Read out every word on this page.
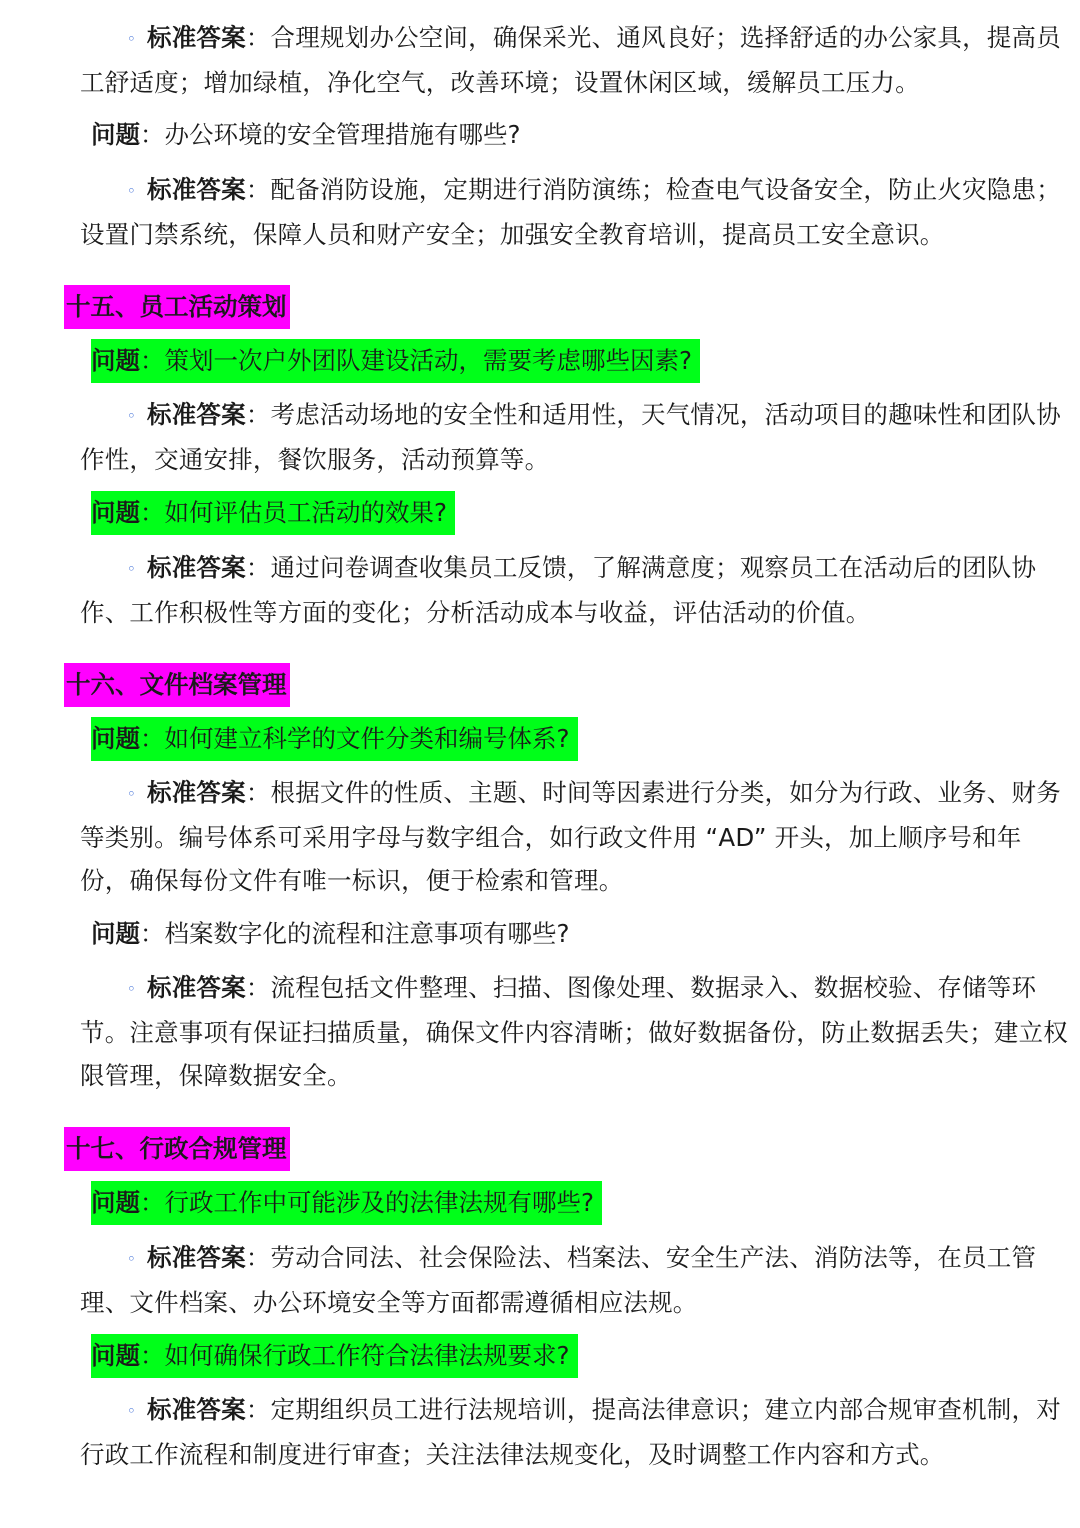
◦ 标准答案：合理规划办公空间，确保采光、通风良好；选择舒适的办公家具，提高员工舒适度；增加绿植，净化空气，改善环境；设置休闲区域，缓解员工压力。

问题：办公环境的安全管理措施有哪些?

◦ 标准答案：配备消防设施，定期进行消防演练；检查电气设备安全，防止火灾隐患；设置门禁系统，保障人员和财产安全；加强安全教育培训，提高员工安全意识。

十五、员工活动策划
问题：策划一次户外团队建设活动，需要考虑哪些因素?

◦ 标准答案：考虑活动场地的安全性和适用性，天气情况，活动项目的趣味性和团队协作性，交通安排，餐饮服务，活动预算等。

问题：如何评估员工活动的效果?

◦ 标准答案：通过问卷调查收集员工反馈，了解满意度；观察员工在活动后的团队协作、工作积极性等方面的变化；分析活动成本与收益，评估活动的价值。

十六、文件档案管理
问题：如何建立科学的文件分类和编号体系?

◦ 标准答案：根据文件的性质、主题、时间等因素进行分类，如分为行政、业务、财务等类别。编号体系可采用字母与数字组合，如行政文件用 “AD” 开头，加上顺序号和年份，确保每份文件有唯一标识，便于检索和管理。

问题：档案数字化的流程和注意事项有哪些?

◦ 标准答案：流程包括文件整理、扫描、图像处理、数据录入、数据校验、存储等环节。注意事项有保证扫描质量，确保文件内容清晰；做好数据备份，防止数据丢失；建立权限管理，保障数据安全。

十七、行政合规管理
问题：行政工作中可能涉及的法律法规有哪些?

◦ 标准答案：劳动合同法、社会保险法、档案法、安全生产法、消防法等，在员工管理、文件档案、办公环境安全等方面都需遵循相应法规。

问题：如何确保行政工作符合法律法规要求?

◦ 标准答案：定期组织员工进行法规培训，提高法律意识；建立内部合规审查机制，对行政工作流程和制度进行审查；关注法律法规变化，及时调整工作内容和方式。
